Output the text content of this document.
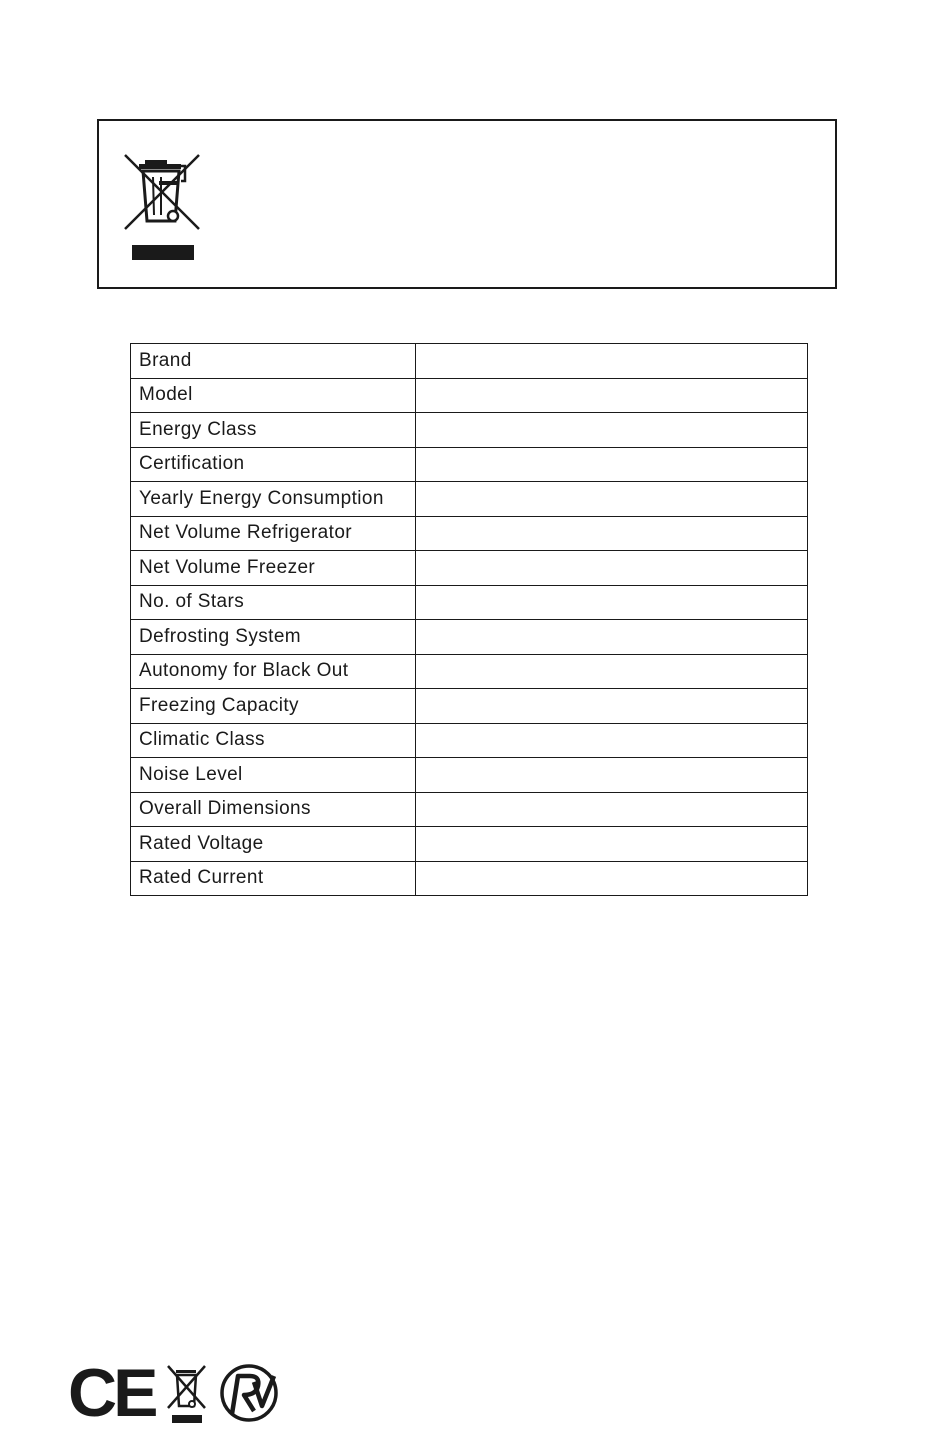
Brand	
Model	
Energy Class	
Certification	
Yearly Energy Consumption	
Net Volume Refrigerator	
Net Volume Freezer	
No. of Stars	
Defrosting System	
Autonomy for Black Out	
Freezing Capacity	
Climatic Class	
Noise Level	
Overall Dimensions	
Rated Voltage	
Rated Current	
CE
